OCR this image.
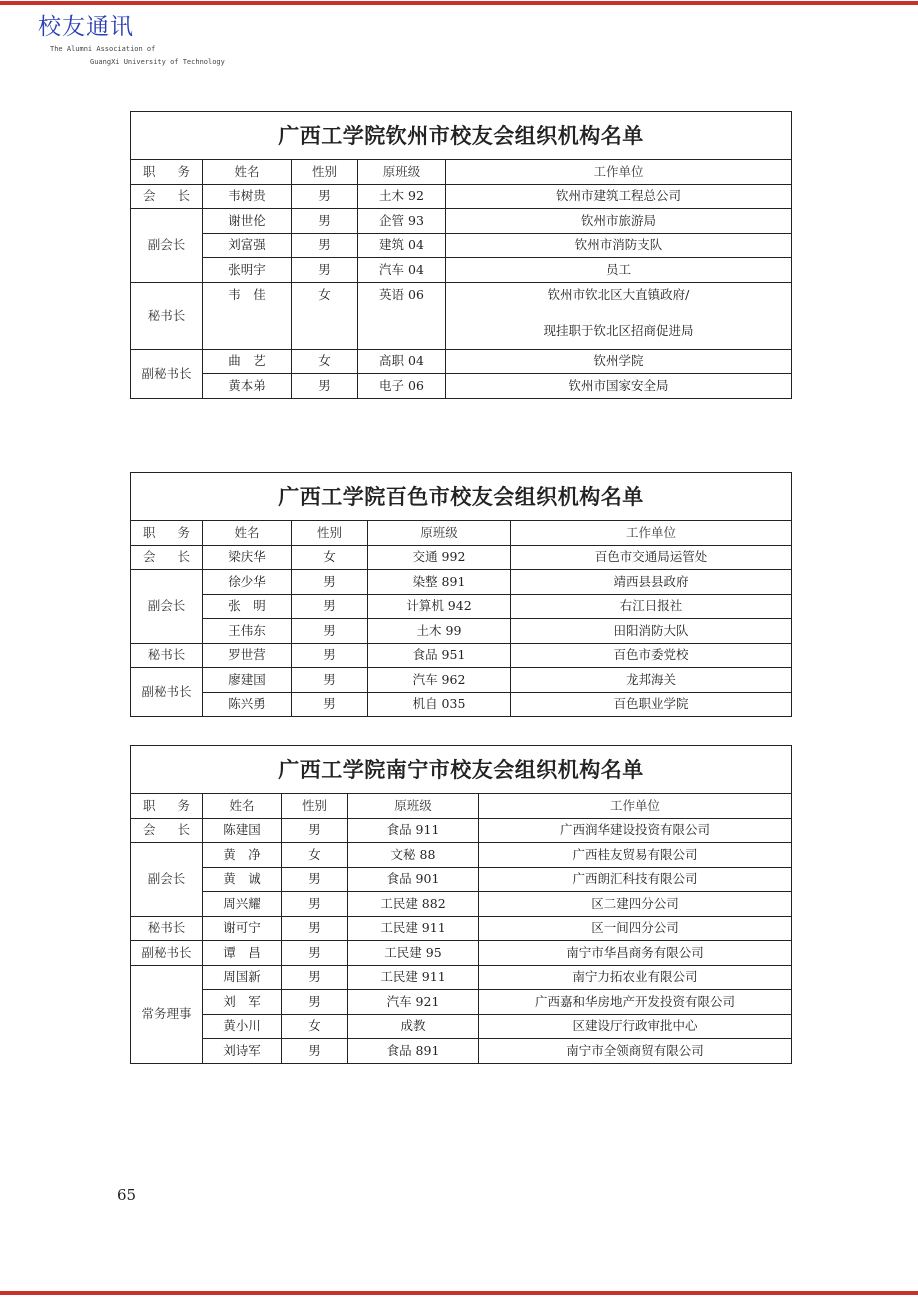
校友通讯
The Alumni Association of
GuangXi University of Technology
广西工学院钦州市校友会组织机构名单				

职 务	姓名	性别	原班级	工作单位

会 长	韦树贵	男	土木 92	钦州市建筑工程总公司
副会长	谢世伦	男	企管 93	钦州市旅游局
	刘富强	男	建筑 04	钦州市消防支队
	张明宇	男	汽车 04	员工
秘书长	韦　佳	女	英语 06	钦州市钦北区大直镇政府/
现挂职于钦北区招商促进局

副秘书长	曲　艺	女	高职 04	钦州学院
	黄本弟	男	电子 06	钦州市国家安全局
广西工学院百色市校友会组织机构名单				

职 务	姓名	性别	原班级	工作单位

会 长	梁庆华	女	交通 992	百色市交通局运管处
副会长	徐少华	男	染整 891	靖西县县政府
	张　明	男	计算机 942	右江日报社
	王伟东	男	土木 99	田阳消防大队
秘书长	罗世营	男	食品 951	百色市委党校
副秘书长	廖建国	男	汽车 962	龙邦海关
	陈兴勇	男	机自 035	百色职业学院
广西工学院南宁市校友会组织机构名单				

职 务	姓名	性别	原班级	工作单位

会 长	陈建国	男	食品 911	广西润华建设投资有限公司
副会长	黄　净	女	文秘 88	广西桂友贸易有限公司
	黄　诚	男	食品 901	广西朗汇科技有限公司
	周兴耀	男	工民建 882	区二建四分公司
秘书长	谢可宁	男	工民建 911	区一间四分公司
副秘书长	谭　昌	男	工民建 95	南宁市华昌商务有限公司
常务理事	周国新	男	工民建 911	南宁力拓农业有限公司
	刘　军	男	汽车 921	广西嘉和华房地产开发投资有限公司
	黄小川	女	成教	区建设厅行政审批中心
	刘诗军	男	食品 891	南宁市全领商贸有限公司
65
